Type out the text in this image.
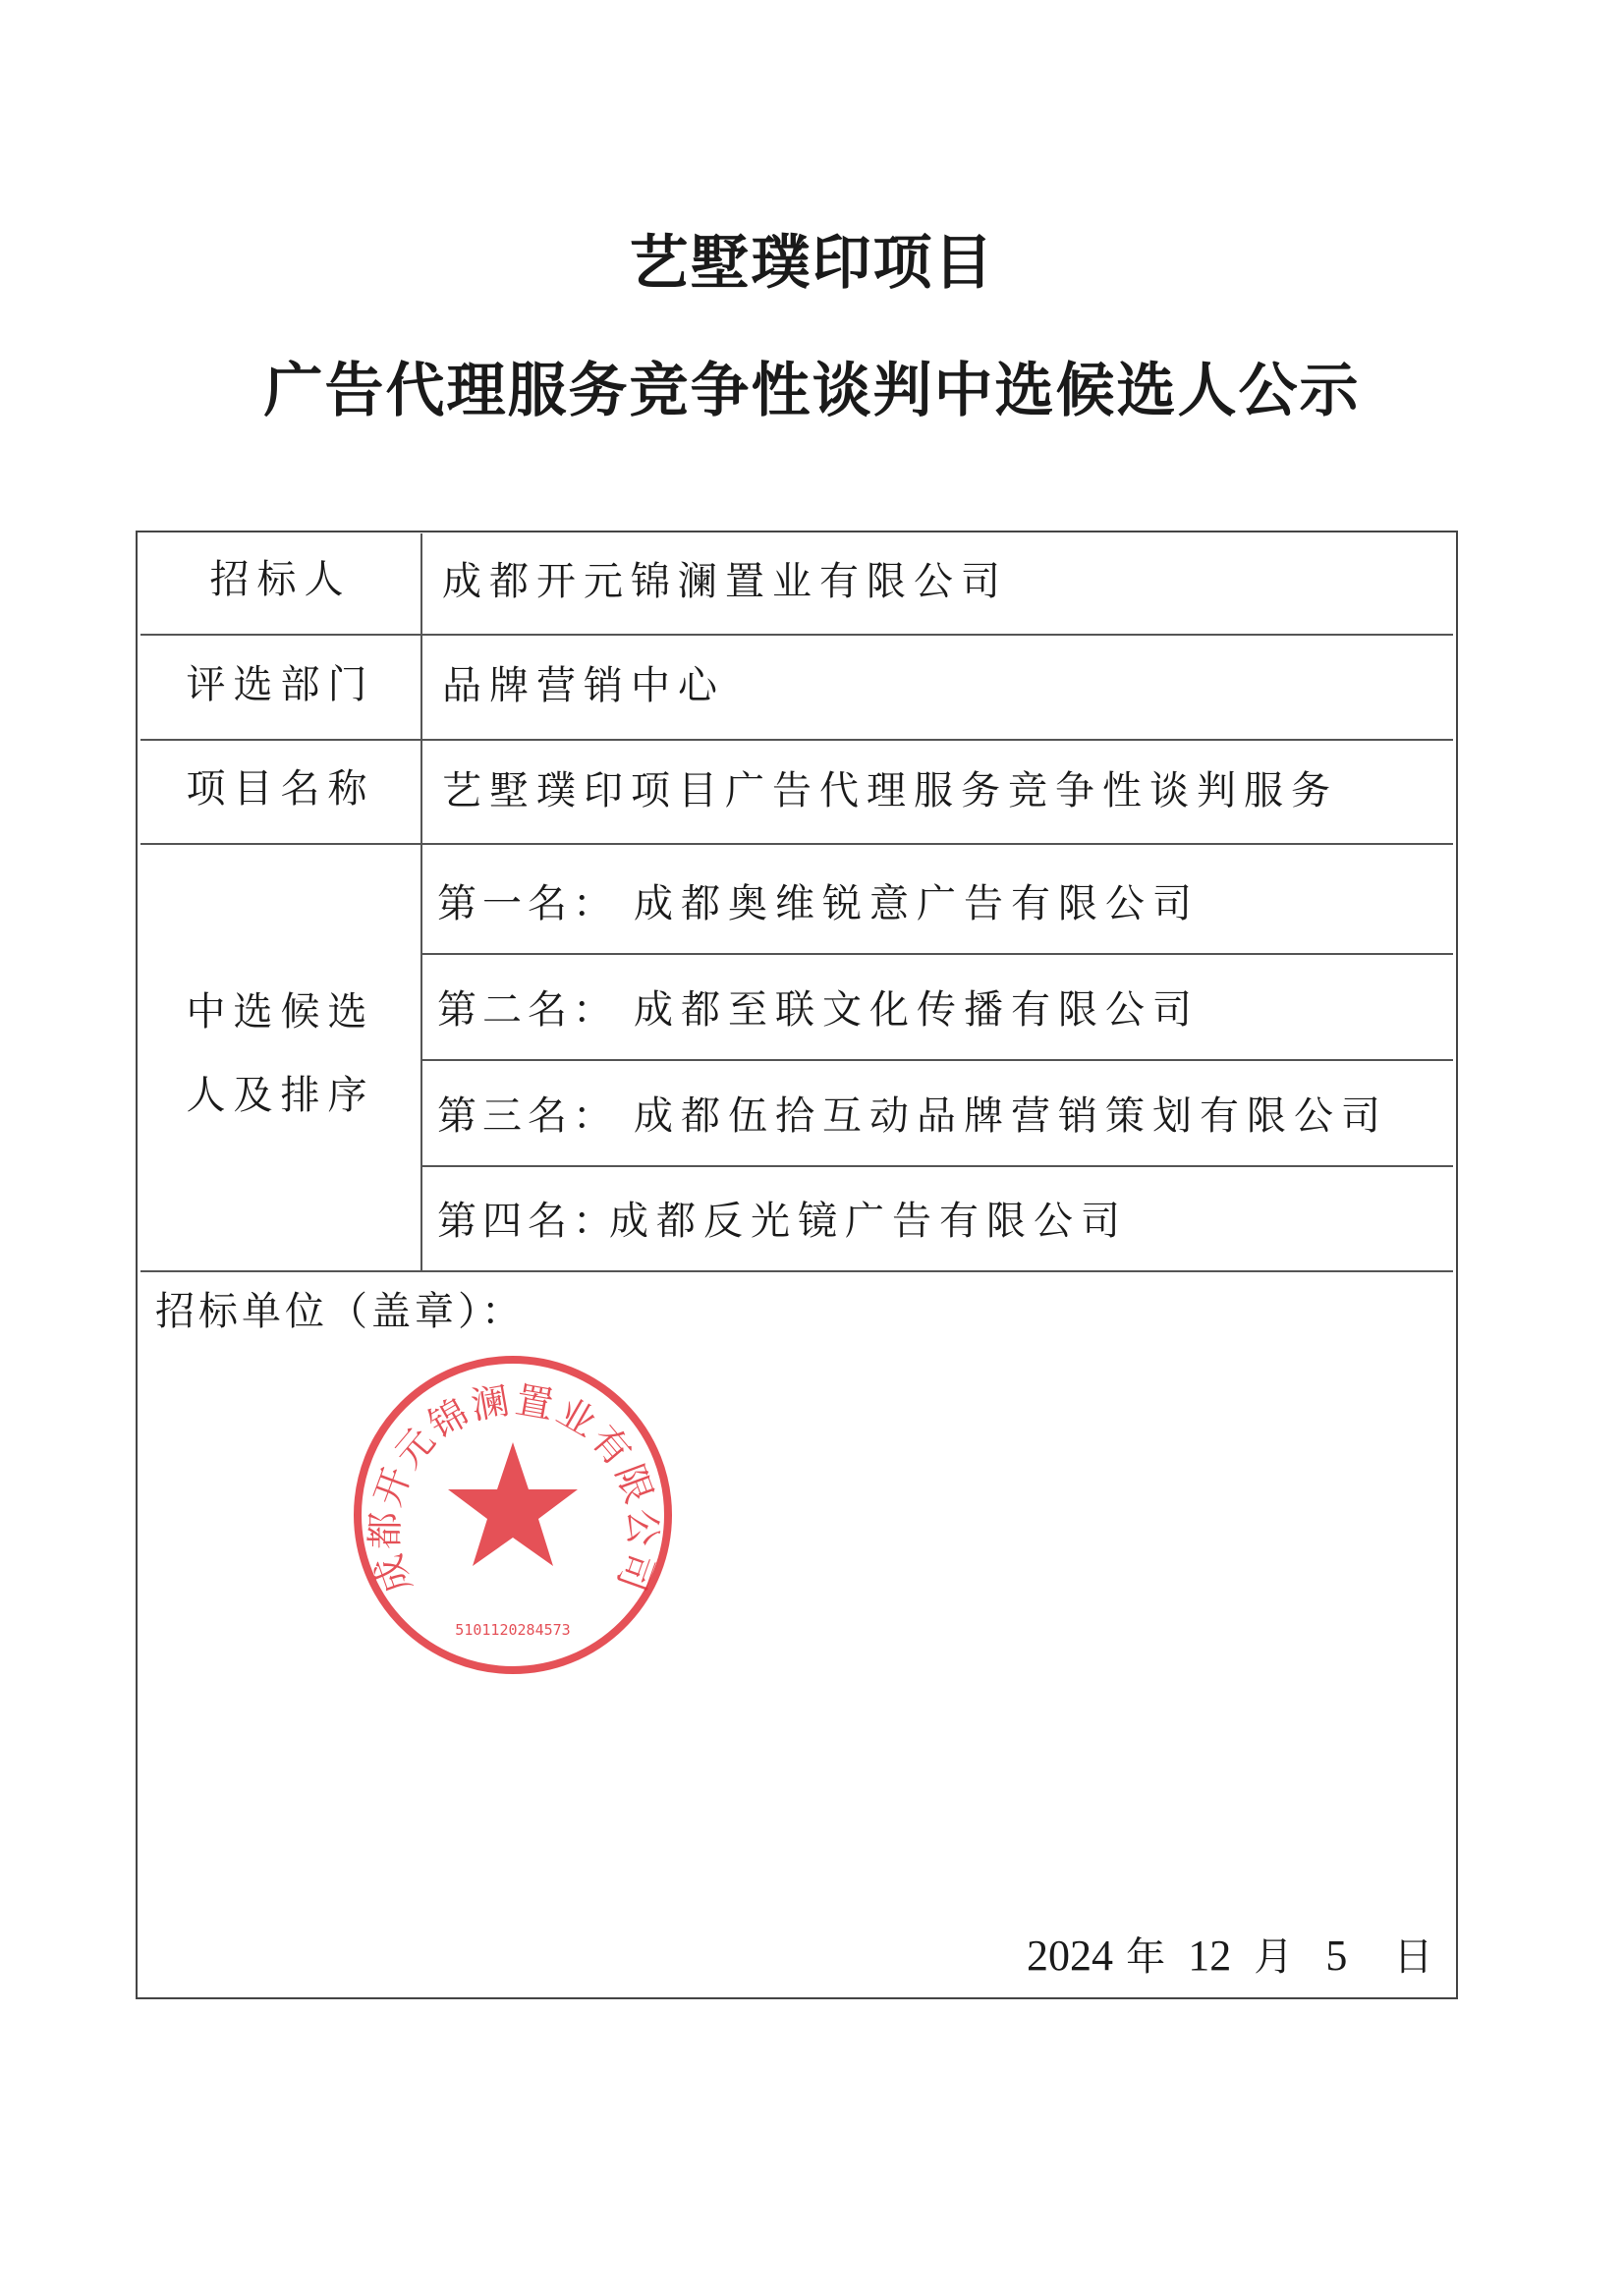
艺墅璞印项目
广告代理服务竞争性谈判中选候选人公示
招标人
评选部门
项目名称
中选候选
人及排序
成都开元锦澜置业有限公司
品牌营销中心
艺墅璞印项目广告代理服务竞争性谈判服务
第一名： 成都奥维锐意广告有限公司
第二名： 成都至联文化传播有限公司
第三名： 成都伍拾互动品牌营销策划有限公司
第四名：
成都反光镜广告有限公司
招标单位（盖章）：
成都开元锦澜置业有限公司
5101120284573
2024 年 12 月 5 日
